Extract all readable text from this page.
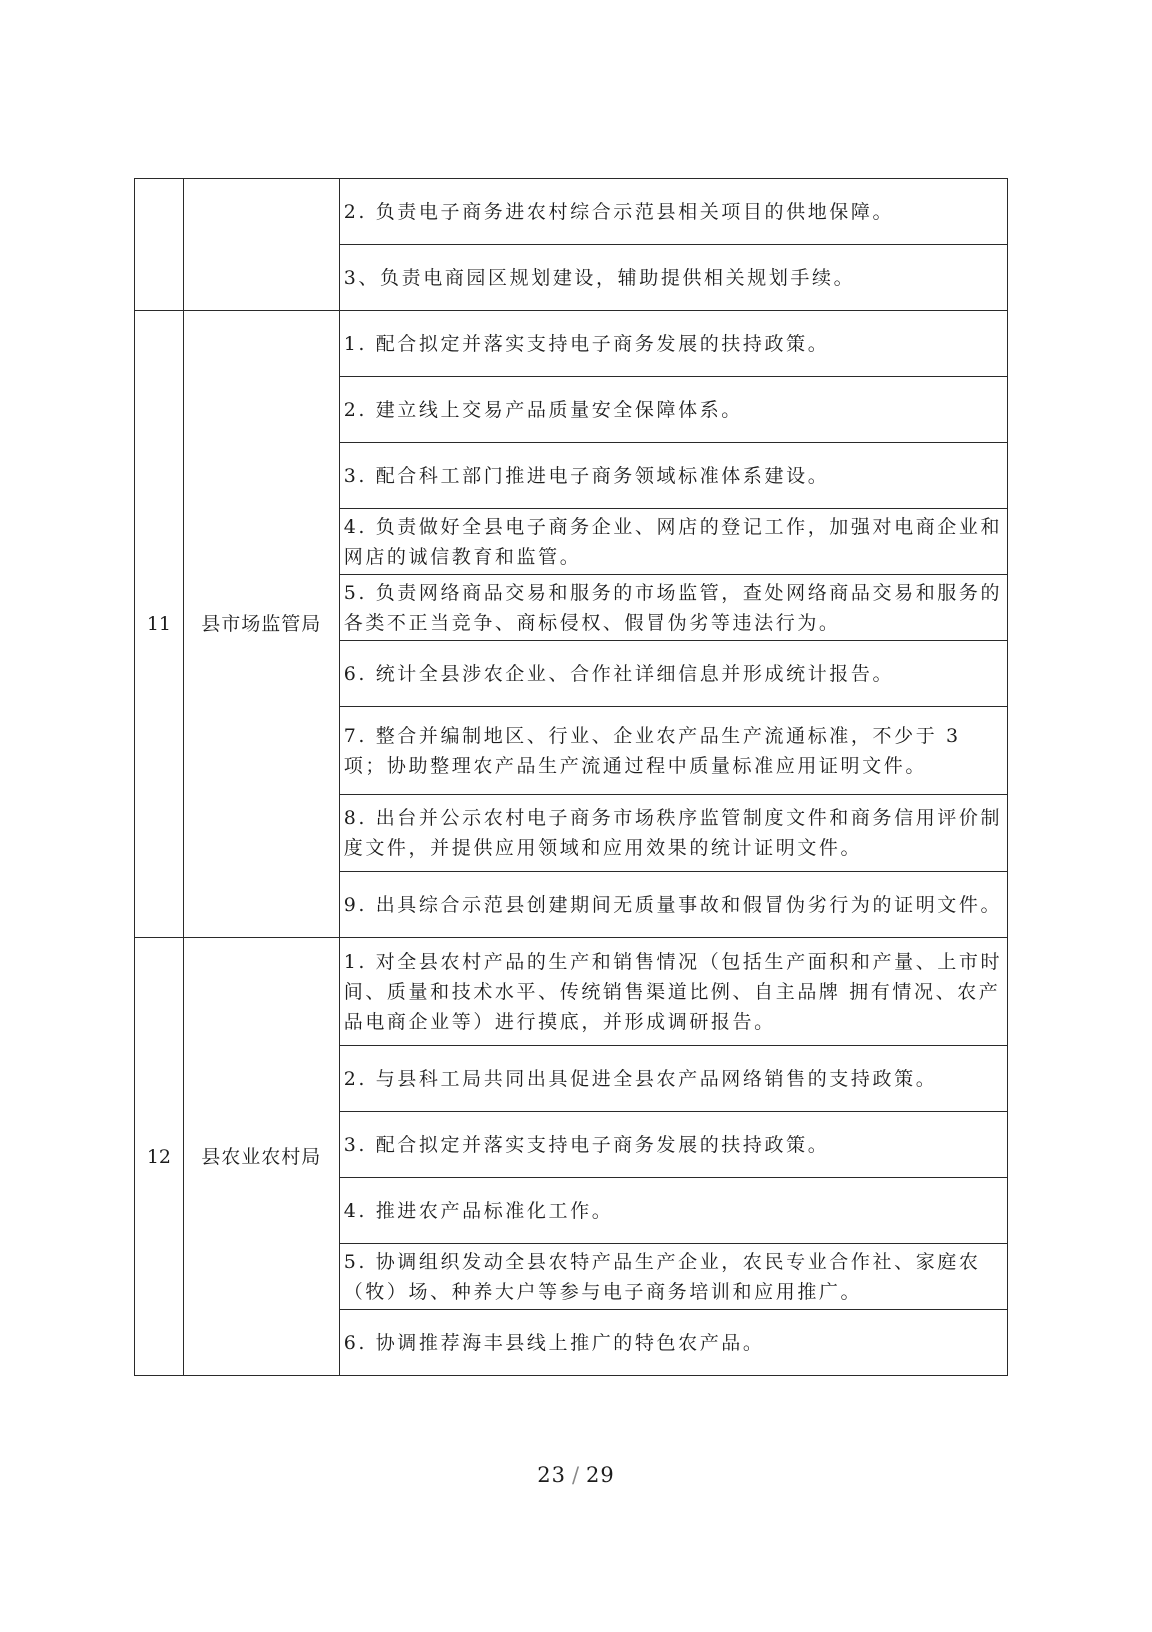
		2. 负责电子商务进农村综合示范县相关项目的供地保障。
		3、负责电商园区规划建设，辅助提供相关规划手续。
11	县市场监管局	1. 配合拟定并落实支持电子商务发展的扶持政策。
		2. 建立线上交易产品质量安全保障体系。
		3. 配合科工部门推进电子商务领域标准体系建设。
		4. 负责做好全县电子商务企业、网店的登记工作，加强对电商企业和网店的诚信教育和监管。
		5. 负责网络商品交易和服务的市场监管，查处网络商品交易和服务的各类不正当竞争、商标侵权、假冒伪劣等违法行为。
		6. 统计全县涉农企业、合作社详细信息并形成统计报告。
		7. 整合并编制地区、行业、企业农产品生产流通标准，不少于 3 项；协助整理农产品生产流通过程中质量标准应用证明文件。
		8. 出台并公示农村电子商务市场秩序监管制度文件和商务信用评价制度文件，并提供应用领域和应用效果的统计证明文件。
		9. 出具综合示范县创建期间无质量事故和假冒伪劣行为的证明文件。
12	县农业农村局	1. 对全县农村产品的生产和销售情况（包括生产面积和产量、上市时间、质量和技术水平、传统销售渠道比例、自主品牌 拥有情况、农产品电商企业等）进行摸底，并形成调研报告。
		2. 与县科工局共同出具促进全县农产品网络销售的支持政策。
		3. 配合拟定并落实支持电子商务发展的扶持政策。
		4. 推进农产品标准化工作。
		5. 协调组织发动全县农特产品生产企业，农民专业合作社、家庭农（牧）场、种养大户等参与电子商务培训和应用推广。
		6. 协调推荐海丰县线上推广的特色农产品。
23 / 29
